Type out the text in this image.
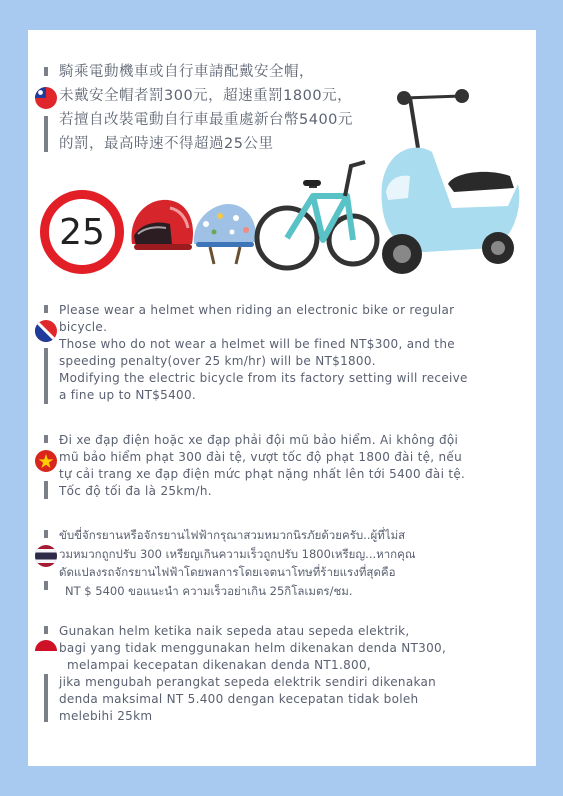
騎乘電動機車或自行車請配戴安全帽，
未戴安全帽者罰300元，超速重罰1800元，
若擅自改裝電動自行車最重處新台幣5400元
的罰，最高時速不得超過25公里
25
Please wear a helmet when riding an electronic bike or regular
bicycle.
Those who do not wear a helmet will be fined NT$300, and the
speeding penalty(over 25 km/hr) will be NT$1800.
Modifying the electric bicycle from its factory setting will receive
a fine up to NT$5400.
Đi xe đạp điện hoặc xe đạp phải đội mũ bảo hiểm. Ai không đội
mũ bảo hiểm phạt 300 đài tệ, vượt tốc độ phạt 1800 đài tệ, nếu
tự cải trang xe đạp điện mức phạt nặng nhất lên tới 5400 đài tệ.
Tốc độ tối đa là 25km/h.
ขับขี่จักรยานหรือจักรยานไฟฟ้ากรุณาสวมหมวกนิรภัยด้วยครับ..ผู้ที่ไม่ส
วมหมวกถูกปรับ 300 เหรียญเกินความเร็วถูกปรับ 1800เหรียญ...หากคุณ
ดัดแปลงรถจักรยานไฟฟ้าโดยพลการโดยเจตนาโทษที่ร้ายแรงที่สุดคือ
NT $ 5400 ขอแนะนำ ความเร็วอย่าเกิน 25กิโลเมตร/ชม.
Gunakan helm ketika naik sepeda atau sepeda elektrik,
bagi yang tidak menggunakan helm dikenakan denda NT300,
melampai kecepatan dikenakan denda NT1.800,
jika mengubah perangkat sepeda elektrik sendiri dikenakan
denda maksimal NT 5.400 dengan kecepatan tidak boleh
melebihi 25km
